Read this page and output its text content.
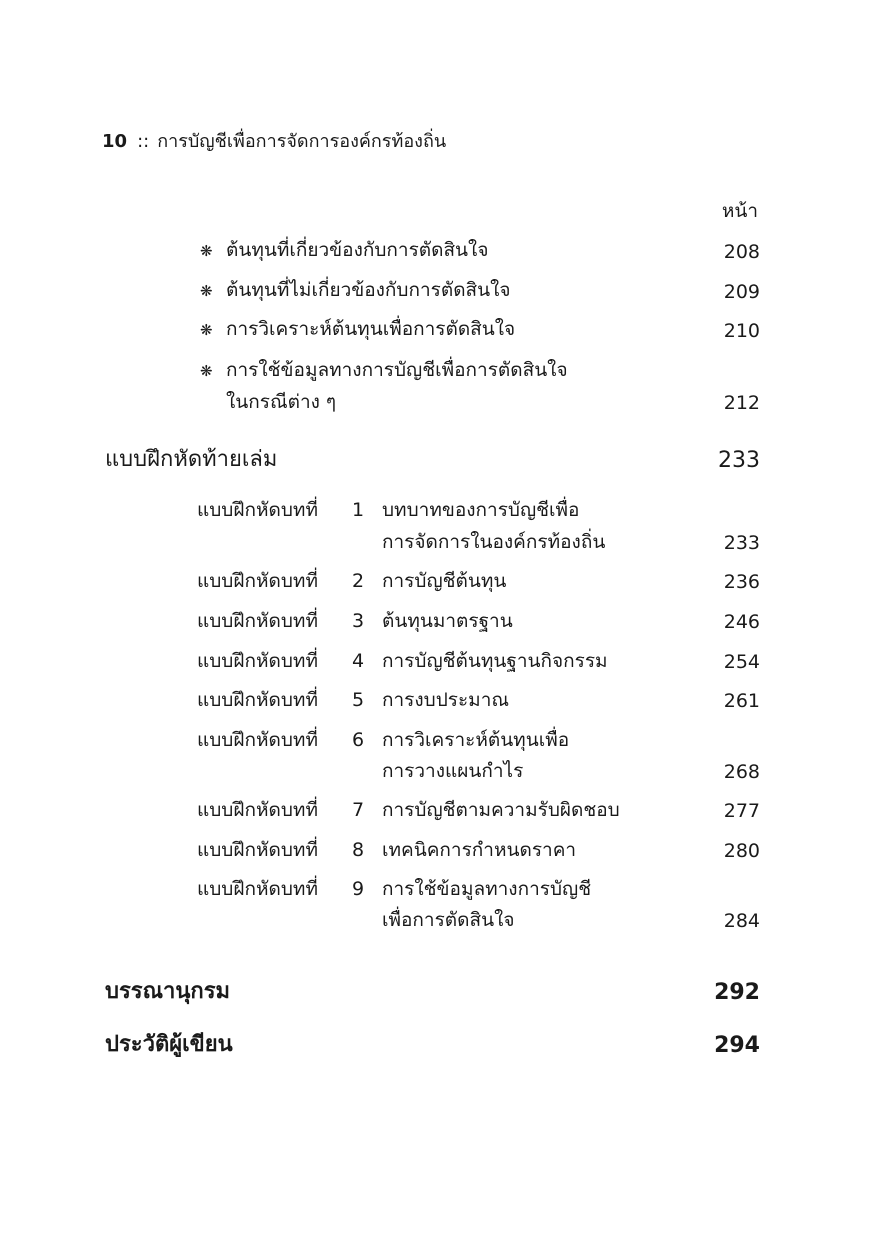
10 :: การบัญชีเพื่อการจัดการองค์กรท้องถิ่น
หน้า
❋ ต้นทุนที่เกี่ยวข้องกับการตัดสินใจ	208
❋ ต้นทุนที่ไม่เกี่ยวข้องกับการตัดสินใจ	209
❋ การวิเคราะห์ต้นทุนเพื่อการตัดสินใจ	210
❋ การใช้ข้อมูลทางการบัญชีเพื่อการตัดสินใจ
ในกรณีต่าง ๆ	212
แบบฝึกหัดท้ายเล่ม	233
แบบฝึกหัดบทที่ 1 บทบาทของการบัญชีเพื่อ
การจัดการในองค์กรท้องถิ่น	233
แบบฝึกหัดบทที่ 2 การบัญชีต้นทุน	236
แบบฝึกหัดบทที่ 3 ต้นทุนมาตรฐาน	246
แบบฝึกหัดบทที่ 4 การบัญชีต้นทุนฐานกิจกรรม	254
แบบฝึกหัดบทที่ 5 การงบประมาณ	261
แบบฝึกหัดบทที่ 6 การวิเคราะห์ต้นทุนเพื่อ
การวางแผนกำไร	268
แบบฝึกหัดบทที่ 7 การบัญชีตามความรับผิดชอบ	277
แบบฝึกหัดบทที่ 8 เทคนิคการกำหนดราคา	280
แบบฝึกหัดบทที่ 9 การใช้ข้อมูลทางการบัญชี
เพื่อการตัดสินใจ	284
บรรณานุกรม	292
ประวัติผู้เขียน	294
